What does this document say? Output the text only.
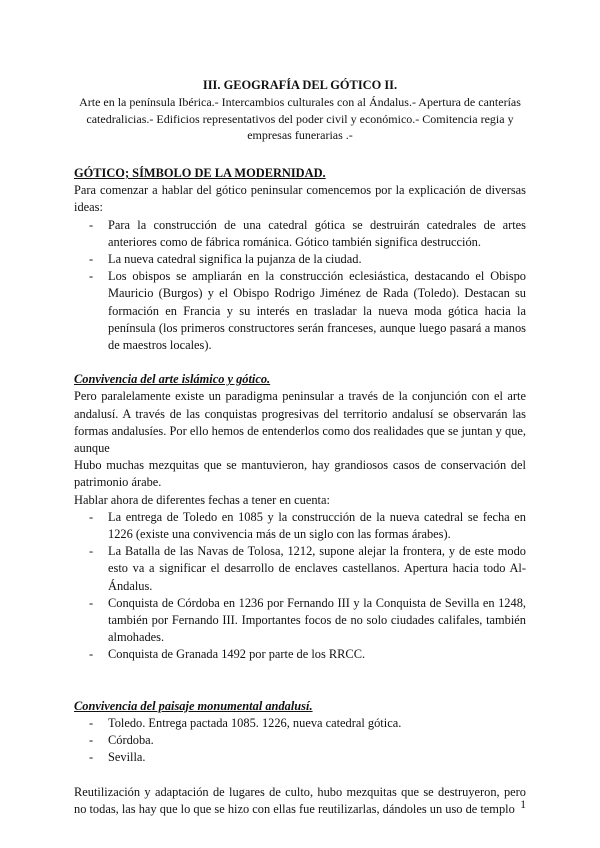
III. GEOGRAFÍA DEL GÓTICO II.

Arte en la península Ibérica.- Intercambios culturales con al Ándalus.- Apertura de canterías catedralicias.- Edificios representativos del poder civil y económico.- Comitencia regia y empresas funerarias .-

GÓTICO; SÍMBOLO DE LA MODERNIDAD.

Para comenzar a hablar del gótico peninsular comencemos por la explicación de diversas ideas:

- Para la construcción de una catedral gótica se destruirán catedrales de artes anteriores como de fábrica románica. Gótico también significa destrucción.
- La nueva catedral significa la pujanza de la ciudad.
- Los obispos se ampliarán en la construcción eclesiástica, destacando el Obispo Mauricio (Burgos) y el Obispo Rodrigo Jiménez de Rada (Toledo). Destacan su formación en Francia y su interés en trasladar la nueva moda gótica hacia la península (los primeros constructores serán franceses, aunque luego pasará a manos de maestros locales).

Convivencia del arte islámico y gótico.

Pero paralelamente existe un paradigma peninsular a través de la conjunción con el arte andalusí. A través de las conquistas progresivas del territorio andalusí se observarán las formas andalusíes. Por ello hemos de entenderlos como dos realidades que se juntan y que, aunque

Hubo muchas mezquitas que se mantuvieron, hay grandiosos casos de conservación del patrimonio árabe.

Hablar ahora de diferentes fechas a tener en cuenta:

- La entrega de Toledo en 1085 y la construcción de la nueva catedral se fecha en 1226 (existe una convivencia más de un siglo con las formas árabes).
- La Batalla de las Navas de Tolosa, 1212, supone alejar la frontera, y de este modo esto va a significar el desarrollo de enclaves castellanos. Apertura hacia todo Al-Ándalus.
- Conquista de Córdoba en 1236 por Fernando III y la Conquista de Sevilla en 1248, también por Fernando III. Importantes focos de no solo ciudades califales, también almohades.
- Conquista de Granada 1492 por parte de los RRCC.

Convivencia del paisaje monumental andalusí.

- Toledo. Entrega pactada 1085. 1226, nueva catedral gótica.
- Córdoba.
- Sevilla.

Reutilización y adaptación de lugares de culto, hubo mezquitas que se destruyeron, pero no todas, las hay que lo que se hizo con ellas fue reutilizarlas, dándoles un uso de templo 1
